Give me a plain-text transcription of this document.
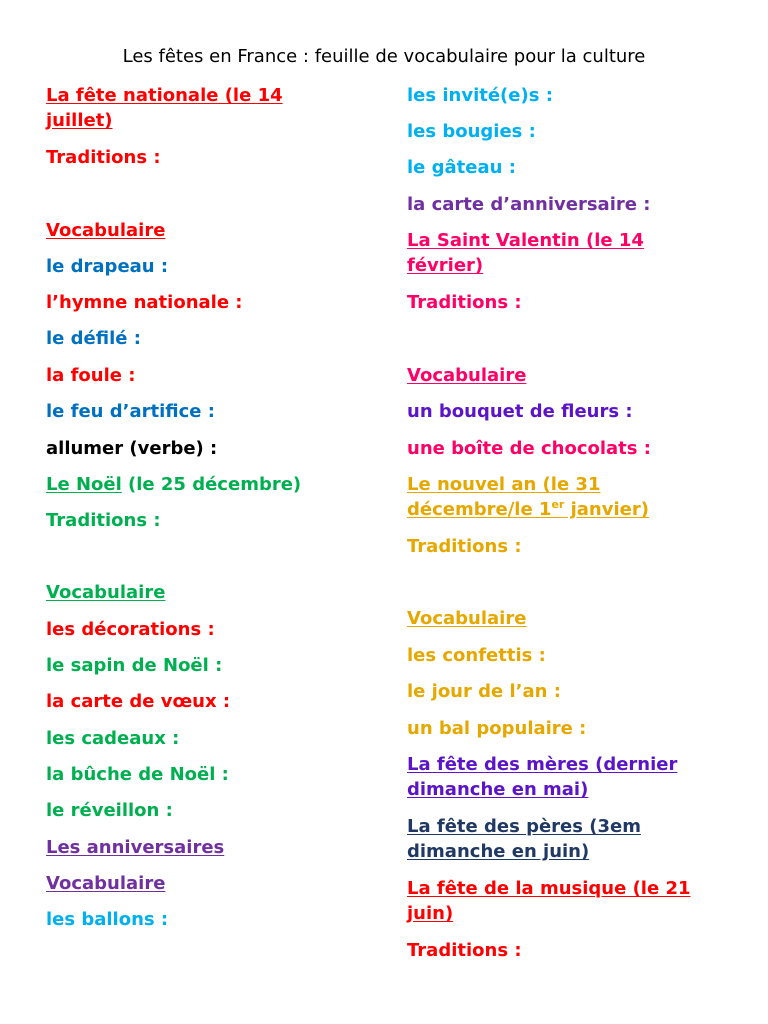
Les fêtes en France : feuille de vocabulaire pour la culture
La fête nationale (le 14
juillet)
Traditions :
Vocabulaire
le drapeau :
l’hymne nationale :
le défilé :
la foule :
le feu d’artifice :
allumer (verbe) :
Le Noël (le 25 décembre)
Traditions :
Vocabulaire
les décorations :
le sapin de Noël :
la carte de vœux :
les cadeaux :
la bûche de Noël :
le réveillon :
Les anniversaires
Vocabulaire
les ballons :
les invité(e)s :
les bougies :
le gâteau :
la carte d’anniversaire :
La Saint Valentin (le 14
février)
Traditions :
Vocabulaire
un bouquet de fleurs :
une boîte de chocolats :
Le nouvel an (le 31
décembre/le 1er janvier)
Traditions :
Vocabulaire
les confettis :
le jour de l’an :
un bal populaire :
La fête des mères (dernier
dimanche en mai)
La fête des pères (3em
dimanche en juin)
La fête de la musique (le 21
juin)
Traditions :
